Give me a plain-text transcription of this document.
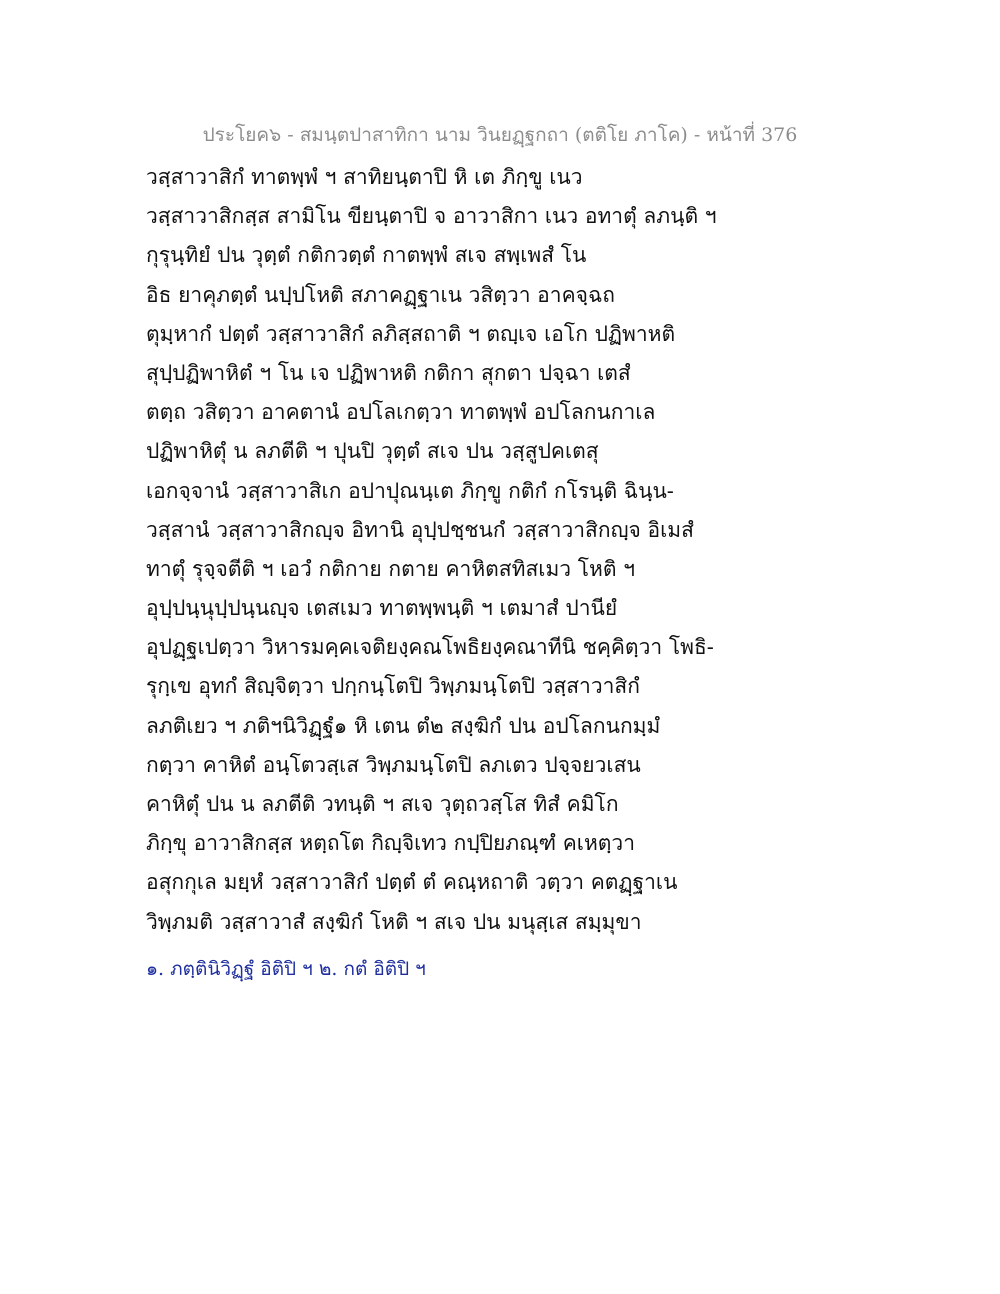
ประโยค๖ - สมนฺตปาสาทิกา นาม วินยฏฺฐกถา (ตติโย ภาโค) - หน้าที่ 376
วสฺสาวาสิกํ ทาตพฺพํ ฯ สาทิยนฺตาปิ หิ เต ภิกฺขู เนว
วสฺสาวาสิกสฺส สามิโน ขียนฺตาปิ จ อาวาสิกา เนว อทาตุํ ลภนฺติ ฯ
กุรุนฺทิยํ ปน วุตฺตํ กติกวตฺตํ กาตพฺพํ สเจ สพฺเพสํ โน
อิธ ยาคุภตฺตํ นปฺปโหติ สภาคฏฺฐาเน วสิตฺวา อาคจฺฉถ
ตุมฺหากํ ปตฺตํ วสฺสาวาสิกํ ลภิสฺสถาติ ฯ ตญฺเจ เอโก ปฏิพาหติ
สุปฺปฏิพาหิตํ ฯ โน เจ ปฏิพาหติ กติกา สุกตา ปจฺฉา เตสํ
ตตฺถ วสิตฺวา อาคตานํ อปโลเกตฺวา ทาตพฺพํ อปโลกนกาเล
ปฏิพาหิตุํ น ลภตีติ ฯ ปุนปิ วุตฺตํ สเจ ปน วสฺสูปคเตสุ
เอกจฺจานํ วสฺสาวาสิเก อปาปุณนฺเต ภิกฺขู กติกํ กโรนฺติ ฉินฺน-
วสฺสานํ วสฺสาวาสิกญฺจ อิทานิ อุปฺปชฺชนกํ วสฺสาวาสิกญฺจ อิเมสํ
ทาตุํ รุจฺจตีติ ฯ เอวํ กติกาย กตาย คาหิตสทิสเมว โหติ ฯ
อุปฺปนฺนุปฺปนฺนญฺจ เตสเมว ทาตพฺพนฺติ ฯ เตมาสํ ปานียํ
อุปฏฺฐเปตฺวา วิหารมคฺคเจติยงฺคณโพธิยงฺคณาทีนิ ชคฺคิตฺวา โพธิ-
รุกฺเข อุทกํ สิญฺจิตฺวา ปกฺกนฺโตปิ วิพฺภมนฺโตปิ วสฺสาวาสิกํ
ลภติเยว ฯ ภติฯนิวิฏฺฐํ๑ หิ เตน ตํ๒ สงฺฆิกํ ปน อปโลกนกมฺมํ
กตฺวา คาหิตํ อนฺโตวสฺเส วิพฺภมนฺโตปิ ลภเตว ปจฺจยวเสน
คาหิตุํ ปน น ลภตีติ วทนฺติ ฯ สเจ วุตฺถวสฺโส ทิสํ คมิโก
ภิกฺขุ อาวาสิกสฺส หตฺถโต กิญฺจิเทว กปฺปิยภณฺฑํ คเหตฺวา
อสุกกุเล มยฺหํ วสฺสาวาสิกํ ปตฺตํ ตํ คณฺหถาติ วตฺวา คตฏฺฐาเน
วิพฺภมติ วสฺสาวาสํ สงฺฆิกํ โหติ ฯ สเจ ปน มนุสฺเส สมฺมุขา
๑. ภตฺตินิวิฏฺฐํ อิติปิ ฯ ๒. กตํ อิติปิ ฯ
